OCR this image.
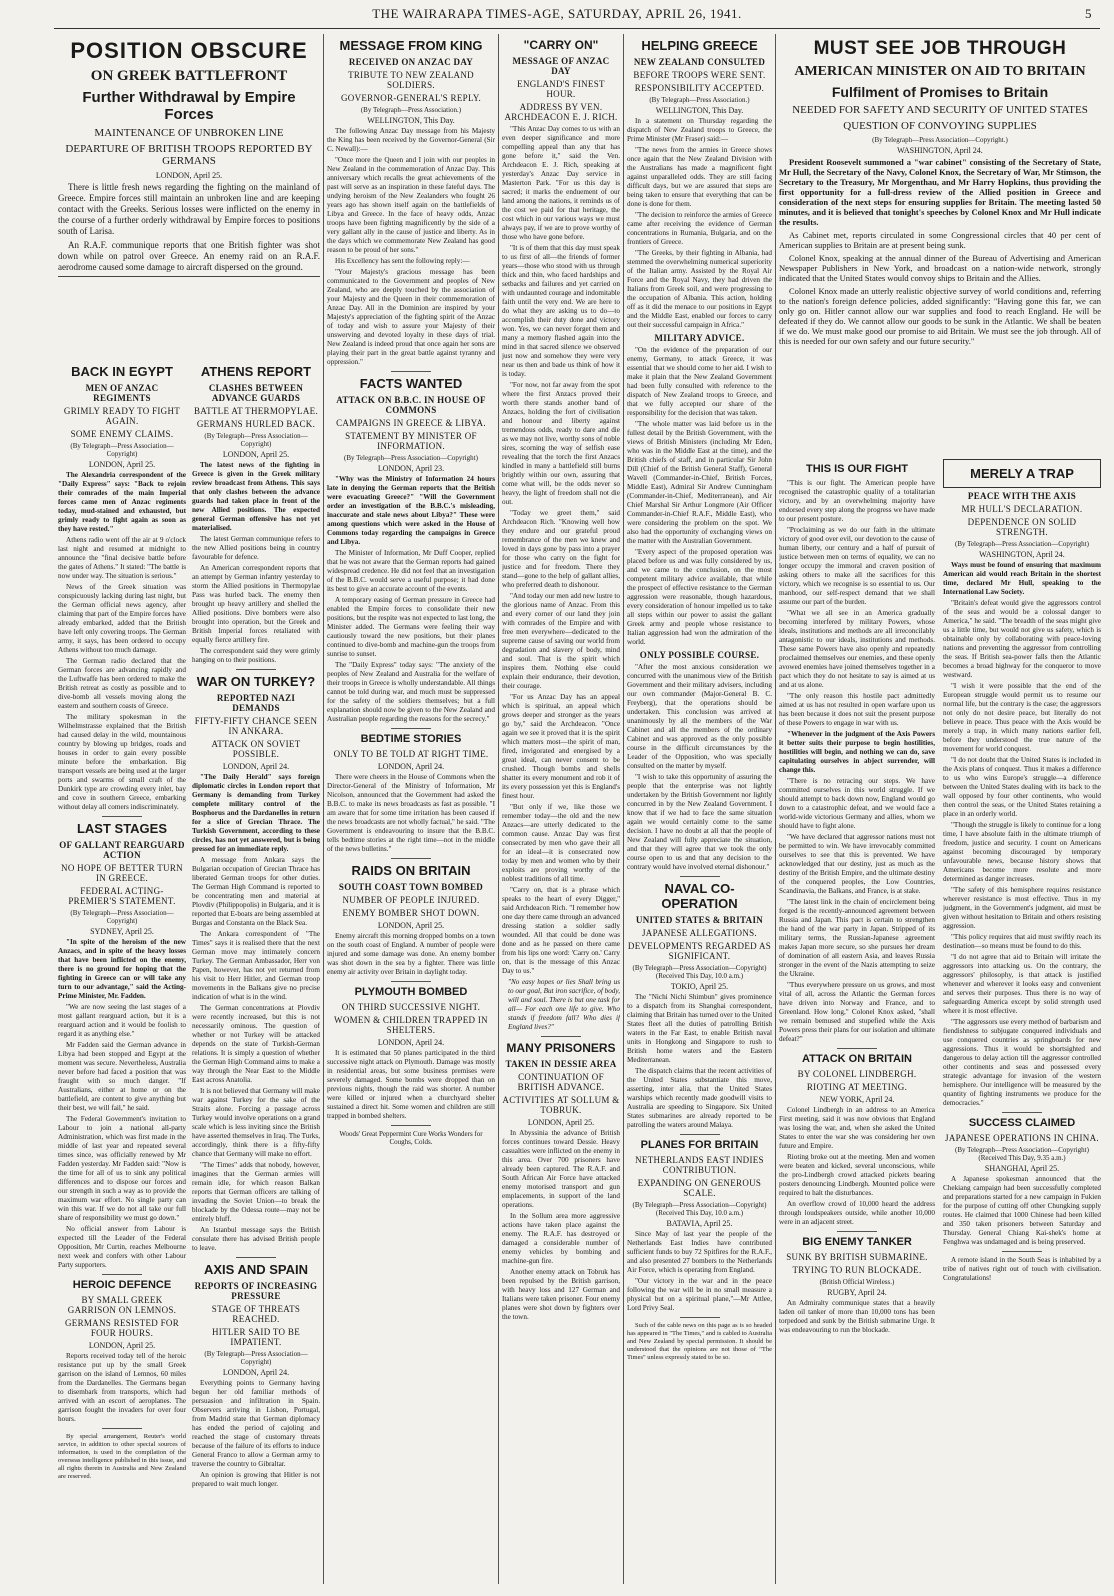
THE WAIRARAPA TIMES-AGE, SATURDAY, APRIL 26, 1941.	5
POSITION OBSCURE
ON GREEK BATTLEFRONT
Further Withdrawal by Empire Forces
MAINTENANCE OF UNBROKEN LINE
DEPARTURE OF BRITISH TROOPS REPORTED BY GERMANS
LONDON, April 25.

There is little fresh news regarding the fighting on the mainland of Greece. Empire forces still maintain an unbroken line and are keeping contact with the Greeks. Serious losses were inflicted on the enemy in the course of a further orderly withdrawal by Empire forces to positions south of Larisa.

An R.A.F. communique reports that one British fighter was shot down while on patrol over Greece. An enemy raid on an R.A.F. aerodrome caused some damage to aircraft dispersed on the ground.

BACK IN EGYPT
MEN OF ANZAC REGIMENTS
GRIMLY READY TO FIGHT AGAIN.
SOME ENEMY CLAIMS.
(By Telegraph—Press Association—Copyright)
LONDON, April 25.

The Alexandria correspondent of the "Daily Express" says: "Back to rejoin their comrades of the main Imperial forces came men of Anzac regiments today, mud-stained and exhausted, but grimly ready to fight again as soon as they have rested."

Athens radio went off the air at 9 o'clock last night and resumed at midnight to announce the "final decisive battle before the gates of Athens." It stated: "The battle is now under way. The situation is serious."

News of the Greek situation was conspicuously lacking during last night, but the German official news agency, after claiming that part of the Empire forces have already embarked, added that the British have left only covering troops. The German army, it says, has been ordered to occupy Athens without too much damage.

The German radio declared that the German forces are advancing rapidly and the Luftwaffe has been ordered to make the British retreat as costly as possible and to dive-bomb all vessels moving along the eastern and southern coasts of Greece.

The military spokesman in the Wilhelmstrasse explained that the British had caused delay in the wild, mountainous country by blowing up bridges, roads and houses in order to gain every possible minute before the embarkation. Big transport vessels are being used at the larger ports and swarms of small craft of the Dunkirk type are crowding every inlet, bay and cove in southern Greece, embarking without delay all comers indiscriminately.

LAST STAGES
OF GALLANT REARGUARD ACTION
NO HOPE OF BETTER TURN IN GREECE.
FEDERAL ACTING-PREMIER'S STATEMENT.
(By Telegraph—Press Association—Copyright)
SYDNEY, April 25.

"In spite of the heroism of the new Anzacs, and in spite of the heavy losses that have been inflicted on the enemy, there is no ground for hoping that the fighting in Greece can or will take any turn to our advantage," said the Acting-Prime Minister, Mr. Fadden.

"We are now seeing the last stages of a most gallant rearguard action, but it is a rearguard action and it would be foolish to regard it as anything else."

Mr Fadden said the German advance in Libya had been stopped and Egypt at the moment was secure. Nevertheless, Australia never before had faced a position that was fraught with so much danger. "If Australians, either at home or on the battlefield, are content to give anything but their best, we will fail," he said.

The Federal Government's invitation to Labour to join a national all-party Administration, which was first made in the middle of last year and repeated several times since, was officially renewed by Mr Fadden yesterday. Mr Fadden said: "Now is the time for all of us to sink any political differences and to dispose our forces and our strength in such a way as to provide the maximum war effort. No single party can win this war. If we do not all take our full share of responsibility we must go down."

No official answer from Labour is expected till the Leader of the Federal Opposition, Mr Curtin, reaches Melbourne next week and confers with other Labour Party supporters.

HEROIC DEFENCE
BY SMALL GREEK GARRISON ON LEMNOS.
GERMANS RESISTED FOR FOUR HOURS.
LONDON, April 25.

Reports received today tell of the heroic resistance put up by the small Greek garrison on the island of Lemnos, 60 miles from the Dardanelles. The Germans began to disembark from transports, which had arrived with an escort of aeroplanes. The garrison fought the invaders for over four hours.

By special arrangement, Reuter's world service, in addition to other special sources of information, is used in the compilation of the overseas intelligence published in this issue, and all rights therein in Australia and New Zealand are reserved.

ATHENS REPORT
CLASHES BETWEEN ADVANCE GUARDS
BATTLE AT THERMOPYLAE.
GERMANS HURLED BACK.
(By Telegraph—Press Association—Copyright)
LONDON, April 25.

The latest news of the fighting in Greece is given in the Greek military review broadcast from Athens. This says that only clashes between the advance guards had taken place in front of the new Allied positions. The expected general German offensive has not yet materialised.

The latest German communique refers to the new Allied positions being in country favourable for defence.

An American correspondent reports that an attempt by German infantry yesterday to storm the Allied positions in Thermopylae Pass was hurled back. The enemy then brought up heavy artillery and shelled the Allied positions. Dive bombers were also brought into operation, but the Greek and British Imperial forces retaliated with equally fierce artillery fire.

The correspondent said they were grimly hanging on to their positions.

WAR ON TURKEY?
REPORTED NAZI DEMANDS
FIFTY-FIFTY CHANCE SEEN IN ANKARA.
ATTACK ON SOVIET POSSIBLE.
LONDON, April 24.

"The Daily Herald" says foreign diplomatic circles in London report that Germany is demanding from Turkey complete military control of the Bosphorus and the Dardanelles in return for a slice of Grecian Thrace. The Turkish Government, according to these circles, has not yet answered, but is being pressed for an immediate reply.

A message from Ankara says the Bulgarian occupation of Grecian Thrace has liberated German troops for other duties. The German High Command is reported to be concentrating men and material at Plovdiv (Philippopolis) in Bulgaria, and it is reported that E-boats are being assembled at Burgas and Constanta on the Black Sea.

The Ankara correspondent of "The Times" says it is realised there that the next German move may intimately concern Turkey. The German Ambassador, Herr von Papen, however, has not yet returned from his visit to Herr Hitler, and German troop movements in the Balkans give no precise indication of what is in the wind.

The German concentrations at Plovdiv were recently increased, but this is not necessarily ominous. The question of whether or not Turkey will be attacked depends on the state of Turkish-German relations. It is simply a question of whether the German High Command aims to make a way through the Near East to the Middle East across Anatolia.

It is not believed that Germany will make war against Turkey for the sake of the Straits alone. Forcing a passage across Turkey would involve operations on a grand scale which is less inviting since the British have asserted themselves in Iraq. The Turks, accordingly, think there is a fifty-fifty chance that Germany will make no effort.

"The Times" adds that nobody, however, imagines that the German armies will remain idle, for which reason Balkan reports that German officers are talking of invading the Soviet Union—to break the blockade by the Odessa route—may not be entirely bluff.

An Istanbul message says the British consulate there has advised British people to leave.

AXIS AND SPAIN
REPORTS OF INCREASING PRESSURE
STAGE OF THREATS REACHED.
HITLER SAID TO BE IMPATIENT.
(By Telegraph—Press Association—Copyright)
LONDON, April 24.

Everything points to Germany having begun her old familiar methods of persuasion and infiltration in Spain. Observers arriving in Lisbon, Portugal, from Madrid state that German diplomacy has ended the period of cajoling and reached the stage of customary threats because of the failure of its efforts to induce General Franco to allow a German army to traverse the country to Gibraltar.

An opinion is growing that Hitler is not prepared to wait much longer.

MESSAGE FROM KING
RECEIVED ON ANZAC DAY
TRIBUTE TO NEW ZEALAND SOLDIERS.
GOVERNOR-GENERAL'S REPLY.
(By Telegraph—Press Association.)
WELLINGTON, This Day.

The following Anzac Day message from his Majesty the King has been received by the Governor-General (Sir C. Newall):—

"Once more the Queen and I join with our peoples in New Zealand in the commemoration of Anzac Day. This anniversary which recalls the great achievements of the past will serve as an inspiration in these fateful days. The undying heroism of the New Zealanders who fought 26 years ago has shown itself again on the battlefields of Libya and Greece. In the face of heavy odds, Anzac troops have been fighting magnificently by the side of a very gallant ally in the cause of justice and liberty. As in the days which we commemorate New Zealand has good reason to be proud of her sons."

His Excellency has sent the following reply:—

"Your Majesty's gracious message has been communicated to the Government and peoples of New Zealand, who are deeply touched by the association of your Majesty and the Queen in their commemoration of Anzac Day. All in the Dominion are inspired by your Majesty's appreciation of the fighting spirit of the Anzac of today and wish to assure your Majesty of their unswerving and devoted loyalty in these days of trial. New Zealand is indeed proud that once again her sons are playing their part in the great battle against tyranny and oppression."

FACTS WANTED
ATTACK ON B.B.C. IN HOUSE OF COMMONS
CAMPAIGNS IN GREECE & LIBYA.
STATEMENT BY MINISTER OF INFORMATION.
(By Telegraph—Press Association—Copyright)
LONDON, April 23.

"Why was the Ministry of Information 24 hours late in denying the German reports that the British were evacuating Greece?" "Will the Government order an investigation of the B.B.C.'s misleading, inaccurate and stale news about Libya?" These were among questions which were asked in the House of Commons today regarding the campaigns in Greece and Libya.

The Minister of Information, Mr Duff Cooper, replied that he was not aware that the German reports had gained widespread credence. He did not feel that an investigation of the B.B.C. would serve a useful purpose; it had done its best to give an accurate account of the events.

A temporary easing of German pressure in Greece had enabled the Empire forces to consolidate their new positions, but the respite was not expected to last long, the Minister added. The Germans were feeling their way cautiously toward the new positions, but their planes continued to dive-bomb and machine-gun the troops from sunrise to sunset.

The "Daily Express" today says: "The anxiety of the peoples of New Zealand and Australia for the welfare of their troops in Greece is wholly understandable. All things cannot be told during war, and much must be suppressed for the safety of the soldiers themselves; but a full explanation should now be given to the New Zealand and Australian people regarding the reasons for the secrecy."

BEDTIME STORIES
ONLY TO BE TOLD AT RIGHT TIME.
LONDON, April 24.

There were cheers in the House of Commons when the Director-General of the Ministry of Information, Mr Nicolson, announced that the Government had asked the B.B.C. to make its news broadcasts as fast as possible. "I am aware that for some time irritation has been caused if the news broadcasts are not wholly factual," he said. "The Government is endeavouring to insure that the B.B.C. tells bedtime stories at the right time—not in the middle of the news bulletins."

RAIDS ON BRITAIN
SOUTH COAST TOWN BOMBED
NUMBER OF PEOPLE INJURED.
ENEMY BOMBER SHOT DOWN.
LONDON, April 25.

Enemy aircraft this morning dropped bombs on a town on the south coast of England. A number of people were injured and some damage was done. An enemy bomber was shot down in the sea by a fighter. There was little enemy air activity over Britain in daylight today.

PLYMOUTH BOMBED
ON THIRD SUCCESSIVE NIGHT.
WOMEN & CHILDREN TRAPPED IN SHELTERS.
LONDON, April 24.

It is estimated that 50 planes participated in the third successive night attack on Plymouth. Damage was mostly in residential areas, but some business premises were severely damaged. Some bombs were dropped than on previous nights, though the raid was shorter. A number were killed or injured when a churchyard shelter sustained a direct hit. Some women and children are still trapped in bombed shelters.

Woods' Great Peppermint Cure Works Wonders for Coughs, Colds.
"CARRY ON"
MESSAGE OF ANZAC DAY
ENGLAND'S FINEST HOUR.
ADDRESS BY VEN. ARCHDEACON E. J. RICH.

"This Anzac Day comes to us with an even deeper significance and more compelling appeal than any that has gone before it," said the Ven. Archdeacon E. J. Rich, speaking at yesterday's Anzac Day service in Masterton Park. "For us this day is sacred; it marks the enduement of our land among the nations, it reminds us of the cost we paid for that heritage, the cost which in our various ways we must always pay, if we are to prove worthy of those who have gone before.

"It is of them that this day must speak to us first of all—the friends of former years—those who stood with us through thick and thin, who faced hardships and setbacks and failures and yet carried on with undaunted courage and indomitable faith until the very end. We are here to do what they are asking us to do—to accomplish their duty done and victory won. Yes, we can never forget them and many a memory flashed again into the mind in that sacred silence we observed just now and somehow they were very near us then and bade us think of how it is today.

"For now, not far away from the spot where the first Anzacs proved their worth there stands another band of Anzacs, holding the fort of civilisation and honour and liberty against tremendous odds, ready to dare and die as we may not live, worthy sons of noble sires, scorning the way of selfish ease revealing that the torch the first Anzacs kindled in many a battlefield still burns brightly within our own, assuring that come what will, be the odds never so heavy, the light of freedom shall not die out.

"Today we greet them," said Archdeacon Rich. "Knowing well how they endure and our grateful proud remembrance of the men we knew and loved in days gone by pass into a prayer for those who carry on the fight for justice and for freedom. There they stand—gone to the help of gallant allies, who preferred death to dishonour.

"And today our men add new lustre to the glorious name of Anzac. From this and every corner of our land they join with comrades of the Empire and with free men everywhere—dedicated to the supreme cause of saving our world from degradation and slavery of body, mind and soul. That is the spirit which inspires them. Nothing else could explain their endurance, their devotion, their courage.

"For us Anzac Day has an appeal which is spiritual, an appeal which grows deeper and stronger as the years go by," said the Archdeacon. "Once again we see it proved that it is the spirit which matters most—the spirit of man, fired, invigorated and energised by a great ideal, can never consent to be crushed. Though bombs and shells shatter its every monument and rob it of its every possession yet this is England's finest hour.

"But only if we, like those we remember today—the old and the new Anzacs—are utterly dedicated to the common cause. Anzac Day was first consecrated by men who gave their all for an ideal—it is consecrated now today by men and women who by their exploits are proving worthy of the noblest traditions of all time.

"Carry on, that is a phrase which speaks to the heart of every Digger," said Archdeacon Rich. "I remember how one day there came through an advanced dressing station a soldier sadly wounded. All that could be done was done and as he passed on there came from his lips one word: 'Carry on.' Carry on, that is the message of this Anzac Day to us."

"No easy hopes or lies Shall bring us to our goal, But iron sacrifice, of body, will and soul. There is but one task for all— For each one life to give. Who stands if freedom fall? Who dies if England lives?"

MANY PRISONERS
TAKEN IN DESSIE AREA
CONTINUATION OF BRITISH ADVANCE.
ACTIVITIES AT SOLLUM & TOBRUK.
LONDON, April 25.

In Abyssinia the advance of British forces continues toward Dessie. Heavy casualties were inflicted on the enemy in this area. Over 700 prisoners have already been captured. The R.A.F. and South African Air Force have attacked enemy motorised transport and gun emplacements, in support of the land operations.

In the Sollum area more aggressive actions have taken place against the enemy. The R.A.F. has destroyed or damaged a considerable number of enemy vehicles by bombing and machine-gun fire.

Another enemy attack on Tobruk has been repulsed by the British garrison, with heavy loss and 127 German and Italians were taken prisoner. Four enemy planes were shot down by fighters over the town.

HELPING GREECE
NEW ZEALAND CONSULTED
BEFORE TROOPS WERE SENT.
RESPONSIBILITY ACCEPTED.
(By Telegraph—Press Association.)
WELLINGTON, This Day.

In a statement on Thursday regarding the dispatch of New Zealand troops to Greece, the Prime Minister (Mr Fraser) said:—

"The news from the armies in Greece shows once again that the New Zealand Division with the Australians has made a magnificent fight against unparalleled odds. They are still facing difficult days, but we are assured that steps are being taken to ensure that everything that can be done is done for them.

"The decision to reinforce the armies of Greece came after receiving the evidence of German concentrations in Rumania, Bulgaria, and on the frontiers of Greece.

"The Greeks, by their fighting in Albania, had stemmed the overwhelming numerical superiority of the Italian army. Assisted by the Royal Air Force and the Royal Navy, they had driven the Italians from Greek soil, and were progressing to the occupation of Albania. This action, holding off as it did the menace to our positions in Egypt and the Middle East, enabled our forces to carry out their successful campaign in Africa."

MILITARY ADVICE.

"On the evidence of the preparation of our enemy, Germany, to attack Greece, it was essential that we should come to her aid. I wish to make it plain that the New Zealand Government had been fully consulted with reference to the dispatch of New Zealand troops to Greece, and that we fully accepted our share of the responsibility for the decision that was taken.

"The whole matter was laid before us in the fullest detail by the British Government, with the views of British Ministers (including Mr Eden, who was in the Middle East at the time), and the British chiefs of staff, and in particular Sir John Dill (Chief of the British General Staff), General Wavell (Commander-in-Chief, British Forces, Middle East), Admiral Sir Andrew Cunningham (Commander-in-Chief, Mediterranean), and Air Chief Marshal Sir Arthur Longmore (Air Officer Commander-in-Chief R.A.F., Middle East), who were considering the problem on the spot. We also had the opportunity of exchanging views on the matter with the Australian Government.

"Every aspect of the proposed operation was placed before us and was fully considered by us, and we came to the conclusion, on the most competent military advice available, that while the prospect of effective resistance to the German aggression were reasonable, though hazardous, every consideration of honour impelled us to take all steps within our power to assist the gallant Greek army and people whose resistance to Italian aggression had won the admiration of the world.

ONLY POSSIBLE COURSE.

"After the most anxious consideration we concurred with the unanimous view of the British Government and their military advisers, including our own commander (Major-General B. C. Freyberg), that the operations should be undertaken. This conclusion was arrived at unanimously by all the members of the War Cabinet and all the members of the ordinary Cabinet and was approved as the only possible course in the difficult circumstances by the Leader of the Opposition, who was specially consulted on the matter by myself.

"I wish to take this opportunity of assuring the people that the enterprise was not lightly undertaken by the British Government nor lightly concurred in by the New Zealand Government. I know that if we had to face the same situation again we would certainly come to the same decision. I have no doubt at all that the people of New Zealand will fully appreciate the situation, and that they will agree that we took the only course open to us and that any decision to the contrary would have involved eternal dishonour."

NAVAL CO-OPERATION
UNITED STATES & BRITAIN
JAPANESE ALLEGATIONS.
DEVELOPMENTS REGARDED AS SIGNIFICANT.
(By Telegraph—Press Association—Copyright) (Received This Day, 10.0 a.m.)
TOKIO, April 25.

The "Nichi Nichi Shimbun" gives prominence to a dispatch from its Shanghai correspondent, claiming that Britain has turned over to the United States fleet all the duties of patrolling British waters in the Far East, to enable British naval units in Hongkong and Singapore to rush to British home waters and the Eastern Mediterranean.

The dispatch claims that the recent activities of the United States substantiate this move, asserting, inter alia, that the United States warships which recently made goodwill visits to Australia are speeding to Singapore. Six United States submarines are already reported to be patrolling the waters around Malaya.

PLANES FOR BRITAIN
NETHERLANDS EAST INDIES CONTRIBUTION.
EXPANDING ON GENEROUS SCALE.
(By Telegraph—Press Association—Copyright) (Received This Day, 10.0 a.m.)
BATAVIA, April 25.

Since May of last year the people of the Netherlands East Indies have contributed sufficient funds to buy 72 Spitfires for the R.A.F., and also presented 27 bombers to the Netherlands Air Force, which is operating from England.

"Our victory in the war and in the peace following the war will be in no small measure a physical but on a spiritual plane,"—Mr Attlee, Lord Privy Seal.

Such of the cable news on this page as is so headed has appeared in "The Times," and is cabled to Australia and New Zealand by special permission. It should be understood that the opinions are not those of "The Times" unless expressly stated to be so.

MUST SEE JOB THROUGH
AMERICAN MINISTER ON AID TO BRITAIN
Fulfilment of Promises to Britain
NEEDED FOR SAFETY AND SECURITY OF UNITED STATES
QUESTION OF CONVOYING SUPPLIES
(By Telegraph—Press Association—Copyright.)
WASHINGTON, April 24.

President Roosevelt summoned a "war cabinet" consisting of the Secretary of State, Mr Hull, the Secretary of the Navy, Colonel Knox, the Secretary of War, Mr Stimson, the Secretary to the Treasury, Mr Morgenthau, and Mr Harry Hopkins, thus providing the first opportunity for a full-dress review of the Allied position in Greece and consideration of the next steps for ensuring supplies for Britain. The meeting lasted 50 minutes, and it is believed that tonight's speeches by Colonel Knox and Mr Hull indicate the results.

As Cabinet met, reports circulated in some Congressional circles that 40 per cent of American supplies to Britain are at present being sunk.

Colonel Knox, speaking at the annual dinner of the Bureau of Advertising and American Newspaper Publishers in New York, and broadcast on a nation-wide network, strongly indicated that the United States would convoy ships to Britain and the Allies.

Colonel Knox made an utterly realistic objective survey of world conditions and, referring to the nation's foreign defence policies, added significantly: "Having gone this far, we can only go on. Hitler cannot allow our war supplies and food to reach England. He will be defeated if they do. We cannot allow our goods to be sunk in the Atlantic. We shall be beaten if we do. We must make good our promise to aid Britain. We must see the job through. All of this is needed for our own safety and our future security."

THIS IS OUR FIGHT

"This is our fight. The American people have recognised the catastrophic quality of a totalitarian victory, and by an overwhelming majority have endorsed every step along the progress we have made to our present posture.

"Proclaiming as we do our faith in the ultimate victory of good over evil, our devotion to the cause of human liberty, our century and a half of pursuit of justice between men on terms of equality, we can no longer occupy the immoral and craven position of asking others to make all the sacrifices for this victory, which we recognise is so essential to us. Our manhood, our self-respect demand that we shall assume our part of the burden.

"What we all see in an America gradually becoming interfered by military Powers, whose ideals, institutions and methods are all irreconcilably antagonistic to our ideals, institutions and methods. These same Powers have also openly and repeatedly proclaimed themselves our enemies, and these openly avowed enemies have joined themselves together in a pact which they do not hesitate to say is aimed at us and at us alone.

"The only reason this hostile pact admittedly aimed at us has not resulted in open warfare upon us has been because it does not suit the present purpose of these Powers to engage in war with us.

"Whenever in the judgment of the Axis Powers it better suits their purpose to begin hostilities, hostilities will begin, and nothing we can do, save capitulating ourselves in abject surrender, will change this.

"There is no retracing our steps. We have committed ourselves in this world struggle. If we should attempt to back down now, England would go down to a catastrophic defeat, and we would face a world-wide victorious Germany and allies, whom we should have to fight alone.

"We have declared that aggressor nations must not be permitted to win. We have irrevocably committed ourselves to see that this is prevented. We have acknowledged that our destiny, just as much as the destiny of the British Empire, and the ultimate destiny of the conquered peoples, the Low Countries, Scandinavia, the Balkans, and France, is at stake.

"The latest link in the chain of encirclement being forged is the recently-announced agreement between Russia and Japan. This pact is certain to strengthen the hand of the war party in Japan. Stripped of its military terms, the Russian-Japanese agreement makes Japan more secure, so she pursues her dream of domination of all eastern Asia, and leaves Russia stronger in the event of the Nazis attempting to seize the Ukraine.

"Thus everywhere pressure on us grows, and most vital of all, across the Atlantic the German forces have driven into Norway and France, and to Greenland. How long," Colonel Knox asked, "shall we remain bemused and stupefied while the Axis Powers press their plans for our isolation and ultimate defeat?"

ATTACK ON BRITAIN
BY COLONEL LINDBERGH.
RIOTING AT MEETING.
NEW YORK, April 24.

Colonel Lindbergh in an address to an America First meeting, said it was now obvious that England was losing the war, and, when she asked the United States to enter the war she was considering her own future and Empire.

Rioting broke out at the meeting. Men and women were beaten and kicked, several unconscious, while the pro-Lindbergh crowd attacked pickets bearing posters denouncing Lindbergh. Mounted police were required to halt the disturbances.

An overflow crowd of 10,000 heard the address through loudspeakers outside, while another 10,000 were in an adjacent street.

BIG ENEMY TANKER
SUNK BY BRITISH SUBMARINE.
TRYING TO RUN BLOCKADE.
(British Official Wireless.)
RUGBY, April 24.

An Admiralty communique states that a heavily laden oil tanker of more than 10,000 tons has been torpedoed and sunk by the British submarine Urge. It was endeavouring to run the blockade.

MERELY A TRAP
PEACE WITH THE AXIS
MR HULL'S DECLARATION.
DEPENDENCE ON SOLID STRENGTH.
(By Telegraph—Press Association—Copyright)
WASHINGTON, April 24.

Ways must be found of ensuring that maximum American aid would reach Britain in the shortest time, declared Mr Hull, speaking to the International Law Society.

"Britain's defeat would give the aggressors control of the seas and would be a colossal danger to America," he said. "The breadth of the seas might give us a little time, but would not give us safety, which is obtainable only by collaborating with peace-loving nations and preventing the aggressor from controlling the seas. If British sea-power falls then the Atlantic becomes a broad highway for the conqueror to move westward.

"I wish it were possible that the end of the European struggle would permit us to resume our normal life, but the contrary is the case; the aggressors not only do not desire peace, but literally do not believe in peace. Thus peace with the Axis would be merely a trap, in which many nations earlier fell, before they understood the true nature of the movement for world conquest.

"I do not doubt that the United States is included in the Axis plans of conquest. Thus it makes a difference to us who wins Europe's struggle—a difference between the United States dealing with its back to the wall opposed by four other continents, who would then control the seas, or the United States retaining a place in an orderly world.

"Though the struggle is likely to continue for a long time, I have absolute faith in the ultimate triumph of freedom, justice and security. I count on Americans against becoming discouraged by temporary unfavourable news, because history shows that Americans become more resolute and more determined as danger increases.

"The safety of this hemisphere requires resistance wherever resistance is most effective. Thus in my judgment, in the Government's judgment, aid must be given without hesitation to Britain and others resisting aggression.

"This policy requires that aid must swiftly reach its destination—so means must be found to do this.

"I do not agree that aid to Britain will irritate the aggressors into attacking us. On the contrary, the aggressors' philosophy, is that attack is justified whenever and wherever it looks easy and convenient and serves their purposes. Thus there is no way of safeguarding America except by solid strength used where it is most effective.

"The aggressors use every method of barbarism and fiendishness to subjugate conquered individuals and use conquered countries as springboards for new aggressions. Thus it would be shortsighted and dangerous to delay action till the aggressor controlled other continents and seas and possessed every strategic advantage for invasion of the western hemisphere. Our intelligence will be measured by the quantity of fighting instruments we produce for the democracies."

SUCCESS CLAIMED
JAPANESE OPERATIONS IN CHINA.
(By Telegraph—Press Association—Copyright) (Received This Day, 9.35 a.m.)
SHANGHAI, April 25.

A Japanese spokesman announced that the Chekiang campaign had been successfully completed and preparations started for a new campaign in Fukien for the purpose of cutting off other Chungking supply routes. He claimed that 1000 Chinese had been killed and 350 taken prisoners between Saturday and Thursday. General Chiang Kai-shek's home at Fenghwa was undamaged and is being preserved.

A remote island in the South Seas is inhabited by a tribe of natives right out of touch with civilisation. Congratulations!
